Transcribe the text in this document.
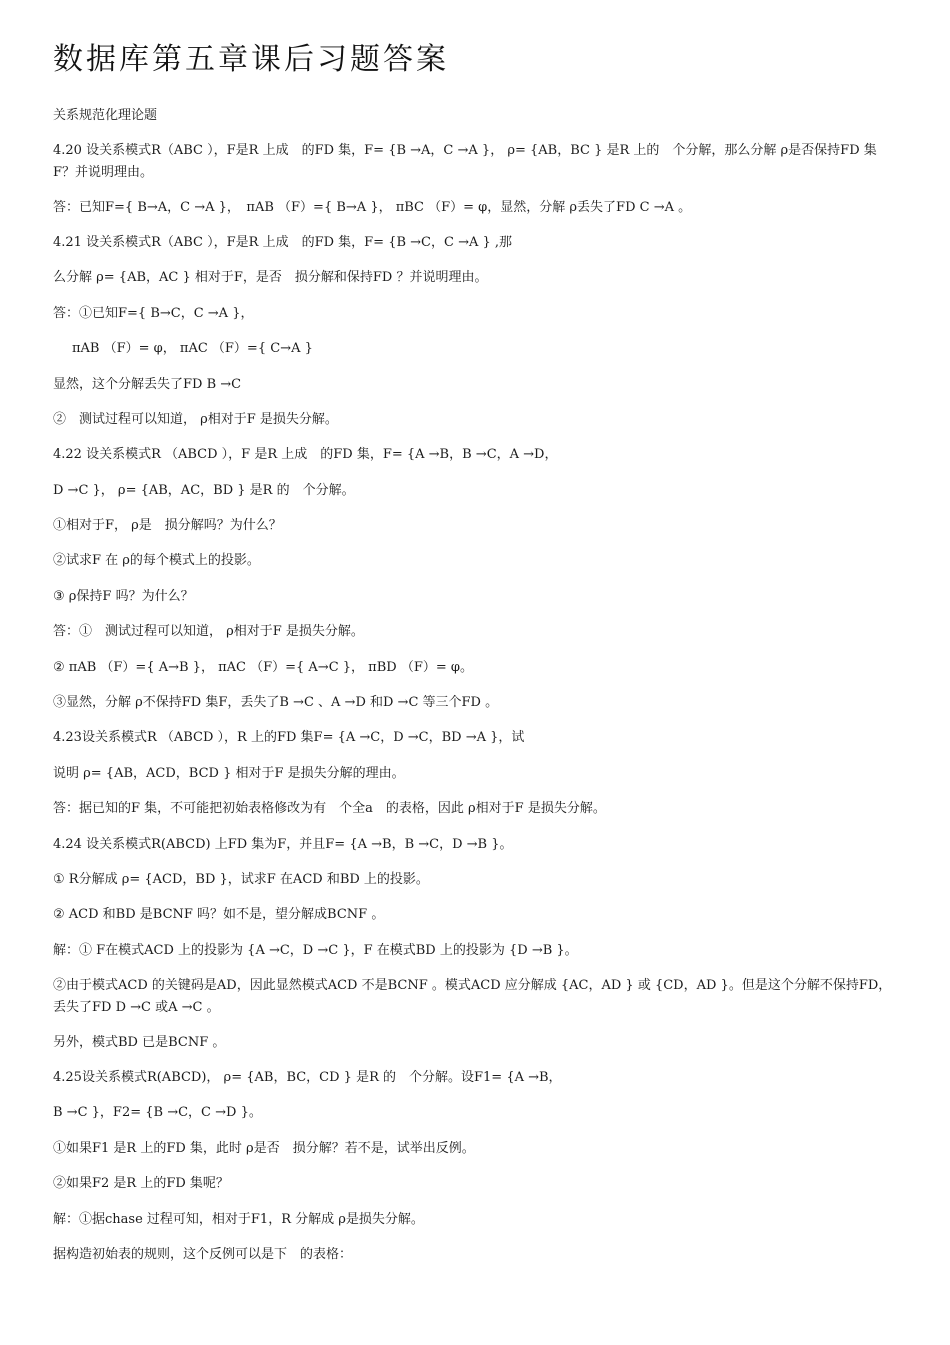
数据库第五章课后习题答案
关系规范化理论题
4.20 设关系模式R（ABC ），F是R 上成　的FD 集，F= {B →A，C →A }， ρ= {AB，BC } 是R 上的　个分解，那么分解 ρ是否保持FD 集F？并说明理由。
答：已知F={ B→A，C →A }，　πAB （F）={ B→A }， πBC （F）= φ，显然，分解 ρ丢失了FD C →A 。
4.21 设关系模式R（ABC ），F是R 上成　的FD 集，F= {B →C，C →A } ,那
么分解 ρ= {AB，AC } 相对于F，是否　损分解和保持FD ？并说明理由。
答：①已知F={ B→C，C →A }，
πAB （F）= φ， πAC （F）={ C→A }
显然，这个分解丢失了FD B →C
②　测试过程可以知道， ρ相对于F 是损失分解。
4.22 设关系模式R （ABCD ），F 是R 上成　的FD 集，F= {A →B，B →C，A →D，
D →C }， ρ= {AB，AC，BD } 是R 的　个分解。
①相对于F， ρ是　损分解吗？为什么？
②试求F 在 ρ的每个模式上的投影。
③ ρ保持F 吗？为什么？
答：①　测试过程可以知道， ρ相对于F 是损失分解。
② πAB （F）={ A→B }， πAC （F）={ A→C }， πBD （F）= φ。
③显然，分解 ρ不保持FD 集F，丢失了B →C 、A →D 和D →C 等三个FD 。
4.23设关系模式R （ABCD ），R 上的FD 集F= {A →C，D →C，BD →A }，试
说明 ρ= {AB，ACD，BCD } 相对于F 是损失分解的理由。
答：据已知的F 集，不可能把初始表格修改为有　个全a　的表格，因此 ρ相对于F 是损失分解。
4.24 设关系模式R(ABCD) 上FD 集为F，并且F= {A →B，B →C，D →B }。
① R分解成 ρ= {ACD，BD }，试求F 在ACD 和BD 上的投影。
② ACD 和BD 是BCNF 吗？如不是，望分解成BCNF 。
解：① F在模式ACD 上的投影为 {A →C，D →C }，F 在模式BD 上的投影为 {D →B }。
②由于模式ACD 的关键码是AD，因此显然模式ACD 不是BCNF 。模式ACD 应分解成 {AC，AD } 或 {CD，AD }。但是这个分解不保持FD，丢失了FD D →C 或A →C 。
另外，模式BD 已是BCNF 。
4.25设关系模式R(ABCD)， ρ= {AB，BC，CD } 是R 的　个分解。设F1= {A →B，
B →C }，F2= {B →C，C →D }。
①如果F1 是R 上的FD 集，此时 ρ是否　损分解？若不是，试举出反例。
②如果F2 是R 上的FD 集呢？
解：①据chase 过程可知，相对于F1，R 分解成 ρ是损失分解。
据构造初始表的规则，这个反例可以是下　的表格：
